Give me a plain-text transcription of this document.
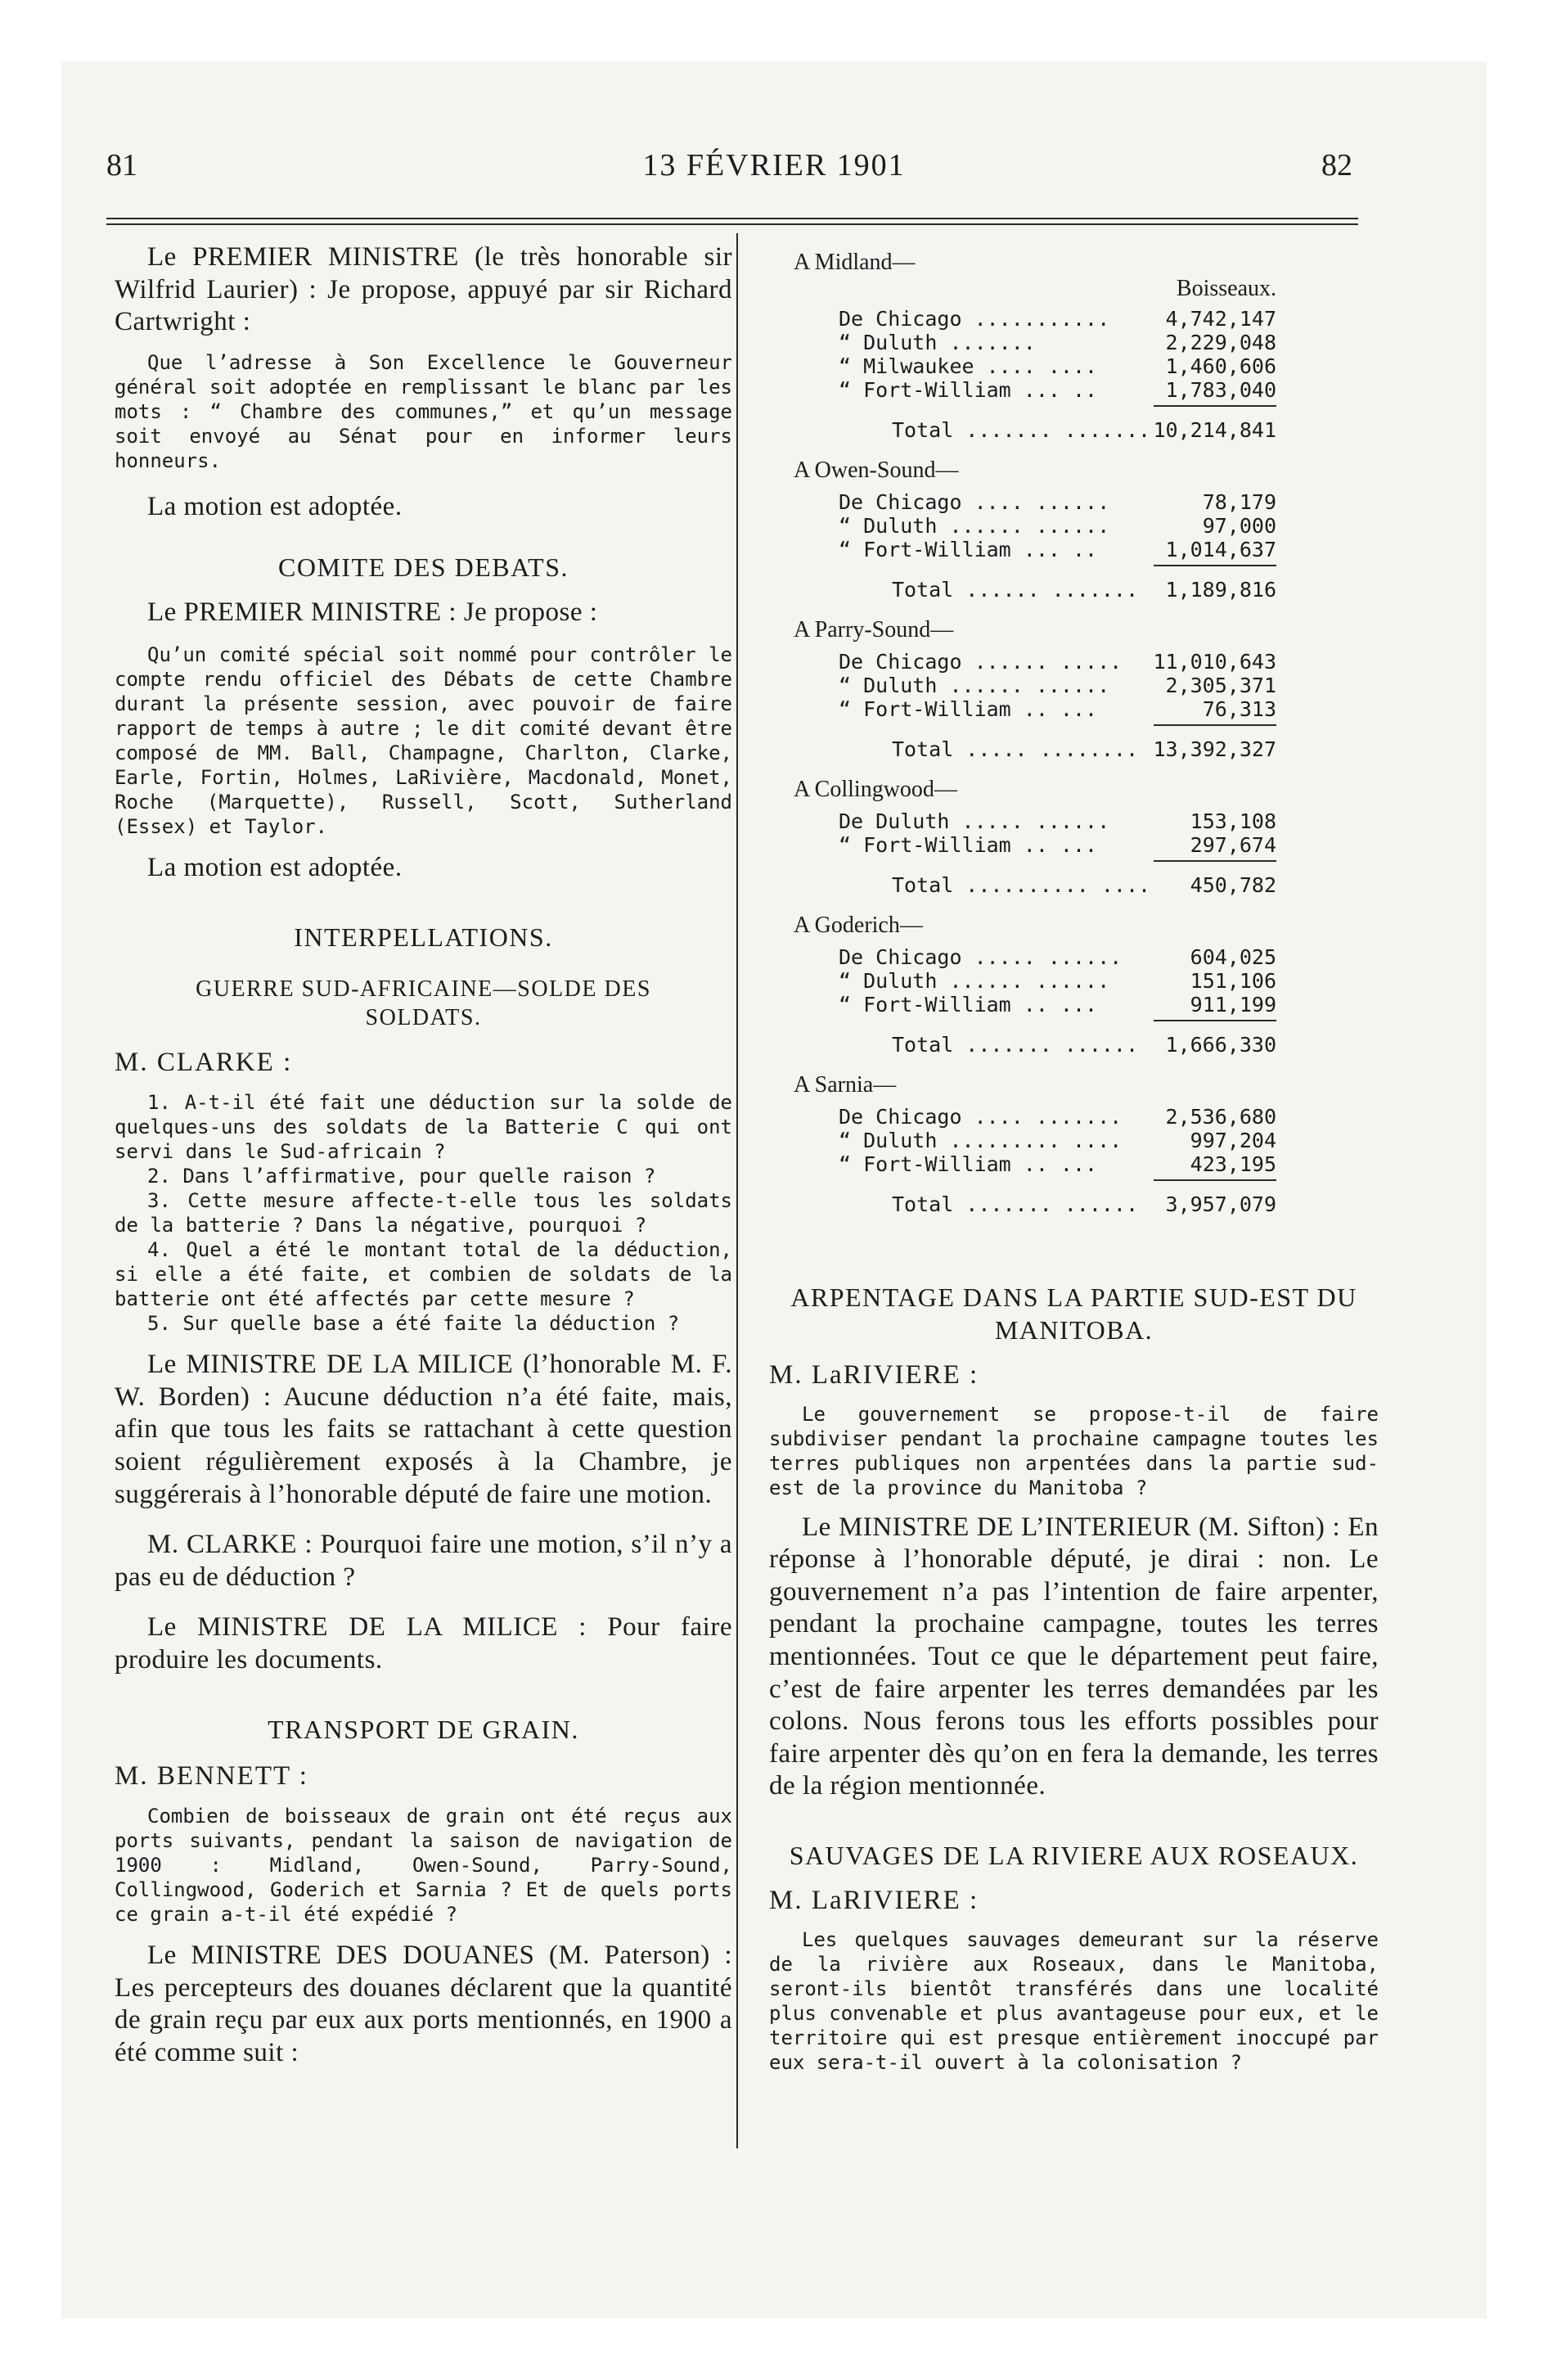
81	13 FÉVRIER 1901	82

Le PREMIER MINISTRE (le très honorable sir Wilfrid Laurier) : Je propose, appuyé par sir Richard Cartwright :

Que l’adresse à Son Excellence le Gouverneur général soit adoptée en remplissant le blanc par les mots : “ Chambre des communes,” et qu’un message soit envoyé au Sénat pour en informer leurs honneurs.

La motion est adoptée.

COMITE DES DEBATS.

Le PREMIER MINISTRE : Je propose :

Qu’un comité spécial soit nommé pour contrôler le compte rendu officiel des Débats de cette Chambre durant la présente session, avec pouvoir de faire rapport de temps à autre ; le dit comité devant être composé de MM. Ball, Champagne, Charlton, Clarke, Earle, Fortin, Holmes, LaRivière, Macdonald, Monet, Roche (Marquette), Russell, Scott, Sutherland (Essex) et Taylor.

La motion est adoptée.

INTERPELLATIONS.

GUERRE SUD-AFRICAINE—SOLDE DES SOLDATS.

M. CLARKE :

1. A-t-il été fait une déduction sur la solde de quelques-uns des soldats de la Batterie C qui ont servi dans le Sud-africain ?

2. Dans l’affirmative, pour quelle raison ?

3. Cette mesure affecte-t-elle tous les soldats de la batterie ? Dans la négative, pourquoi ?

4. Quel a été le montant total de la déduction, si elle a été faite, et combien de soldats de la batterie ont été affectés par cette mesure ?

5. Sur quelle base a été faite la déduction ?

Le MINISTRE DE LA MILICE (l’honorable M. F. W. Borden) : Aucune déduction n’a été faite, mais, afin que tous les faits se rattachant à cette question soient régulièrement exposés à la Chambre, je suggérerais à l’honorable député de faire une motion.

M. CLARKE : Pourquoi faire une motion, s’il n’y a pas eu de déduction ?

Le MINISTRE DE LA MILICE : Pour faire produire les documents.

TRANSPORT DE GRAIN.

M. BENNETT :

Combien de boisseaux de grain ont été reçus aux ports suivants, pendant la saison de navigation de 1900 : Midland, Owen-Sound, Parry-Sound, Collingwood, Goderich et Sarnia ? Et de quels ports ce grain a-t-il été expédié ?

Le MINISTRE DES DOUANES (M. Paterson) : Les percepteurs des douanes déclarent que la quantité de grain reçu par eux aux ports mentionnés, en 1900 a été comme suit :

Boisseaux.
A Midland—
De Chicago ...........	4,742,147
“ Duluth .......	2,229,048
“ Milwaukee .... ....	1,460,606
“ Fort-William ... ..	1,783,040
Total ....... ....... 10,214,841
A Owen-Sound—
De Chicago .... ......	78,179
“ Duluth ...... ......	97,000
“ Fort-William ... ..	1,014,637
Total ...... ....... 1,189,816
A Parry-Sound—
De Chicago ...... ..... 11,010,643
“ Duluth ...... ......	2,305,371
“ Fort-William .. ...	76,313
Total ..... ........ 13,392,327
A Collingwood—
De Duluth ..... ......	153,108
“ Fort-William .. ...	297,674
Total .......... .... 450,782
A Goderich—
De Chicago ..... ......	604,025
“ Duluth ...... ......	151,106
“ Fort-William .. ...	911,199
Total ....... ...... 1,666,330
A Sarnia—
De Chicago .... ....... 2,536,680
“ Duluth ......... ....	997,204
“ Fort-William .. ...	423,195
Total ....... ...... 3,957,079

ARPENTAGE DANS LA PARTIE SUD-EST DU MANITOBA.

M. LaRIVIERE :

Le gouvernement se propose-t-il de faire subdiviser pendant la prochaine campagne toutes les terres publiques non arpentées dans la partie sud-est de la province du Manitoba ?

Le MINISTRE DE L’INTERIEUR (M. Sifton) : En réponse à l’honorable député, je dirai : non. Le gouvernement n’a pas l’intention de faire arpenter, pendant la prochaine campagne, toutes les terres mentionnées. Tout ce que le département peut faire, c’est de faire arpenter les terres demandées par les colons. Nous ferons tous les efforts possibles pour faire arpenter dès qu’on en fera la demande, les terres de la région mentionnée.

SAUVAGES DE LA RIVIERE AUX ROSEAUX.

M. LaRIVIERE :

Les quelques sauvages demeurant sur la réserve de la rivière aux Roseaux, dans le Manitoba, seront-ils bientôt transférés dans une localité plus convenable et plus avantageuse pour eux, et le territoire qui est presque entièrement inoccupé par eux sera-t-il ouvert à la colonisation ?
